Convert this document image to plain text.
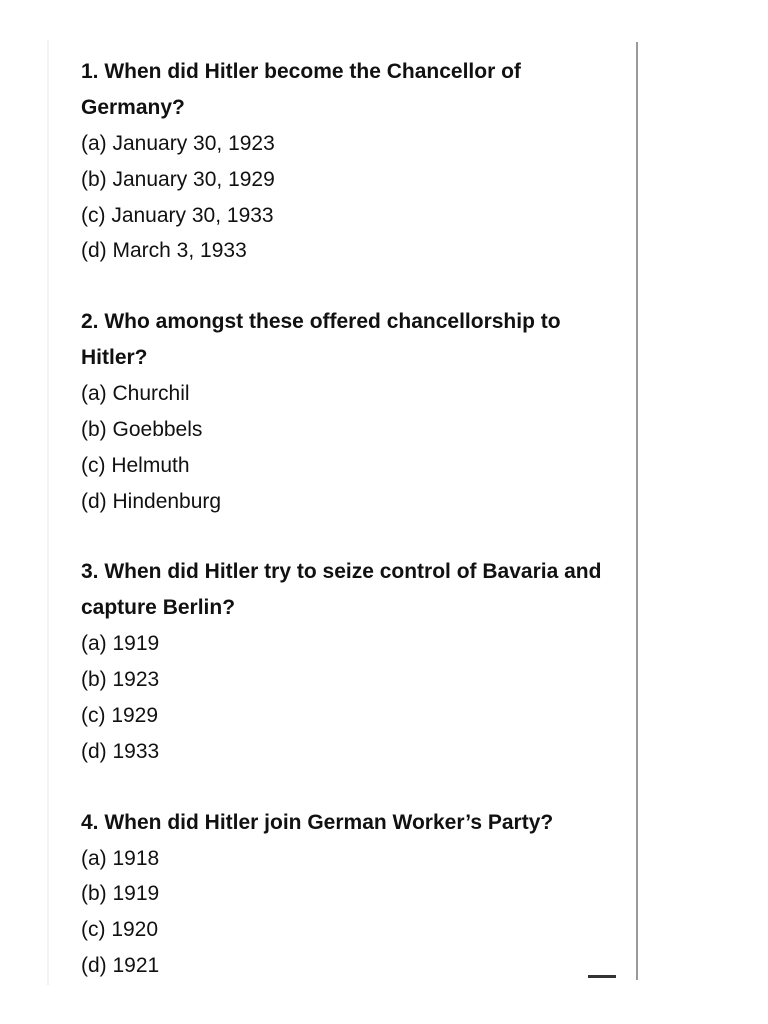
1. When did Hitler become the Chancellor of Germany?

(a) January 30, 1923

(b) January 30, 1929

(c) January 30, 1933

(d) March 3, 1933

2. Who amongst these offered chancellorship to Hitler?

(a) Churchil

(b) Goebbels

(c) Helmuth

(d) Hindenburg

3. When did Hitler try to seize control of Bavaria and capture Berlin?

(a) 1919

(b) 1923

(c) 1929

(d) 1933

4. When did Hitler join German Worker’s Party?

(a) 1918

(b) 1919

(c) 1920

(d) 1921
